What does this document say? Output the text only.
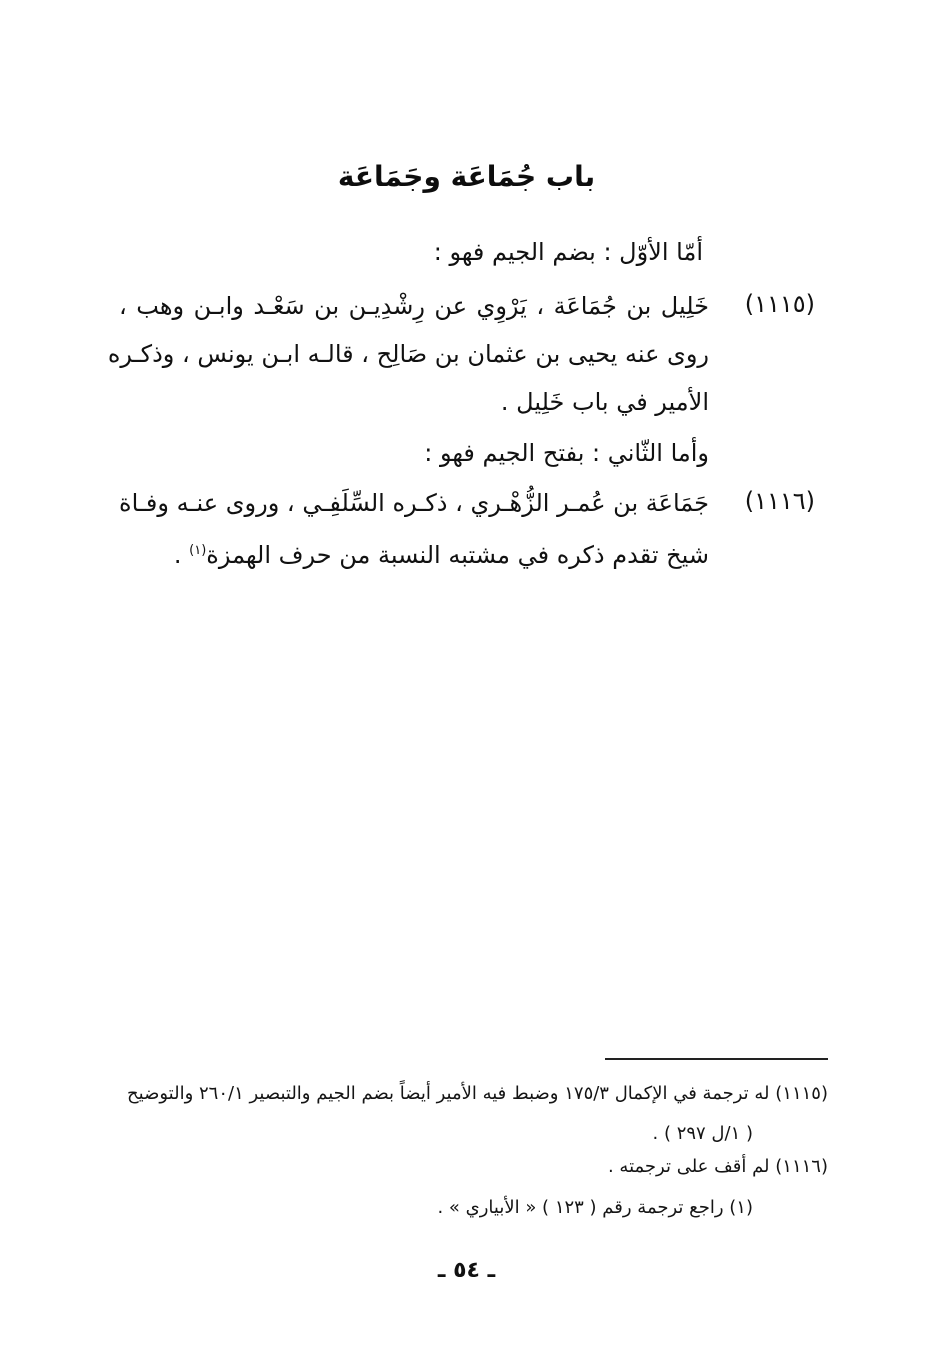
باب جُمَاعَة وجَمَاعَة
أمّا الأوّل : بضم الجيم فهو :
(١١١٥)
خَلِيل بن جُمَاعَة ، يَرْوِي عن رِشْدِيـن بن سَعْـد وابـن وهب ،
روى عنه يحيى بن عثمان بن صَالِح ، قالـه ابـن يونس ، وذكـره
الأمير في باب خَلِيل .
وأما الثّاني : بفتح الجيم فهو :
(١١١٦)
جَمَاعَة بن عُمـر الزُّهْـري ، ذكـره السِّلَفِـي ، وروى عنـه وفـاة
شيخ تقدم ذكره في مشتبه النسبة من حرف الهمزة$^{(١)}$ .
(١١١٥) له ترجمة في الإكمال ١٧٥/٣ وضبط فيه الأمير أيضاً بضم الجيم والتبصير ٢٦٠/١ والتوضيح
( ١/ل ٢٩٧ ) .
(١١١٦) لم أقف على ترجمته .
(١) راجع ترجمة رقم ( ١٢٣ ) « الأبياري » .
ـ ٥٤ ـ
